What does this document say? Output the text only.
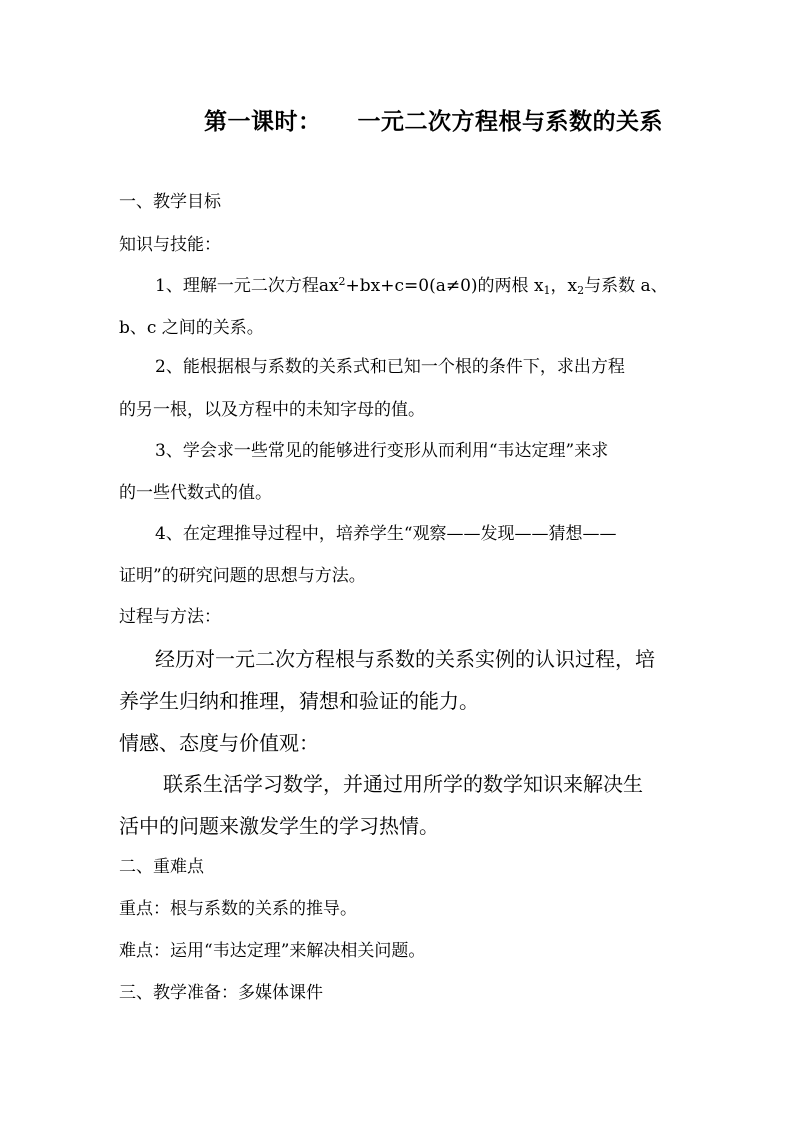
第一课时： 一元二次方程根与系数的关系
一、教学目标
知识与技能：
1、理解一元二次方程$ax^2+bx+c=0(a\ne 0)$的两根 $x_1$，$x_2$与系数 a、
b、c 之间的关系。
2、能根据根与系数的关系式和已知一个根的条件下，求出方程
的另一根，以及方程中的未知字母的值。
3、学会求一些常见的能够进行变形从而利用“韦达定理”来求
的一些代数式的值。
4、在定理推导过程中，培养学生“观察——发现——猜想——
证明”的研究问题的思想与方法。
过程与方法：
经历对一元二次方程根与系数的关系实例的认识过程，培
养学生归纳和推理，猜想和验证的能力。
情感、态度与价值观：
联系生活学习数学，并通过用所学的数学知识来解决生
活中的问题来激发学生的学习热情。
二、重难点
重点：根与系数的关系的推导。
难点：运用“韦达定理”来解决相关问题。
三、教学准备：多媒体课件
